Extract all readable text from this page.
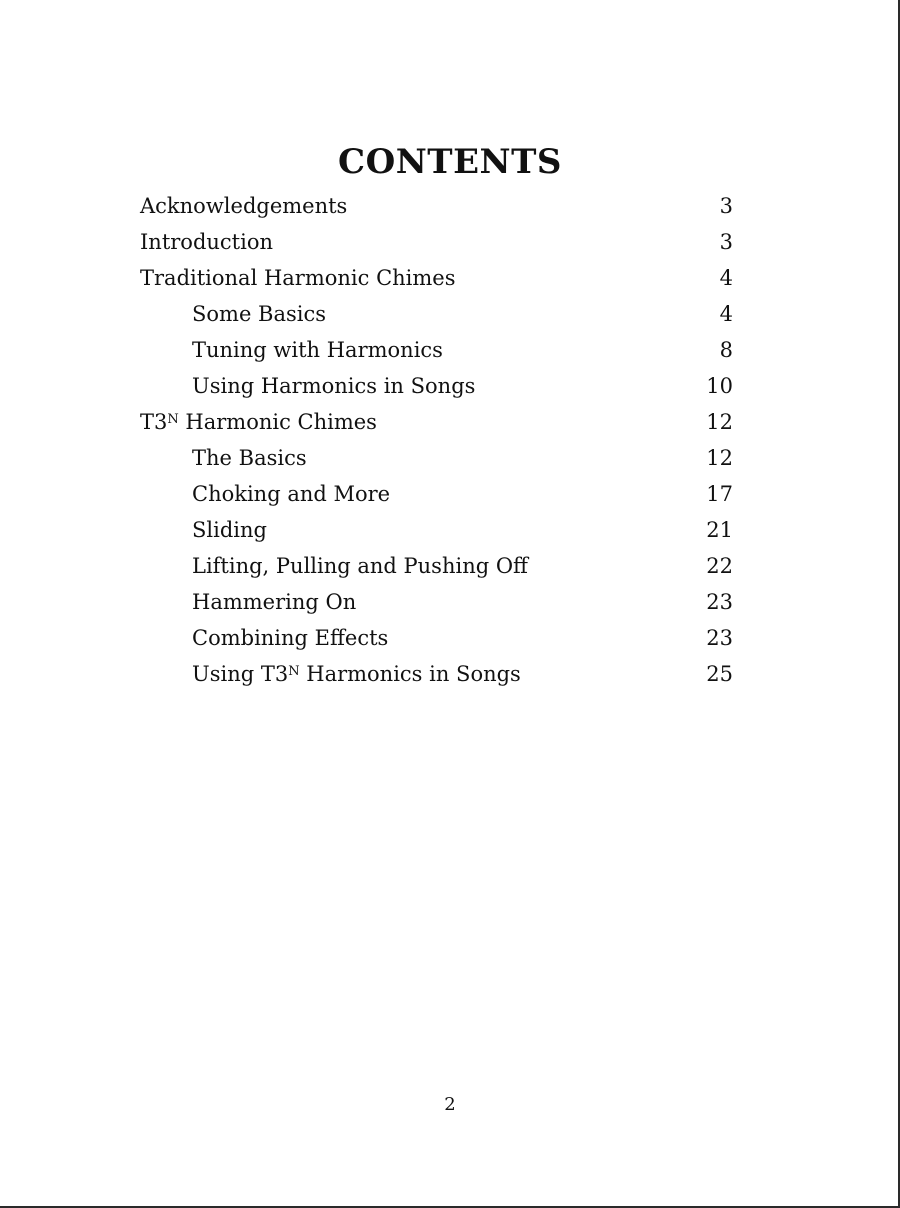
CONTENTS
Acknowledgements	3
Introduction	3
Traditional Harmonic Chimes	4
Some Basics	4
Tuning with Harmonics	8
Using Harmonics in Songs	10
$T3^N$ Harmonic Chimes	12
The Basics	12
Choking and More	17
Sliding	21
Lifting, Pulling and Pushing Off	22
Hammering On	23
Combining Effects	23
Using $T3^N$ Harmonics in Songs	25
2
